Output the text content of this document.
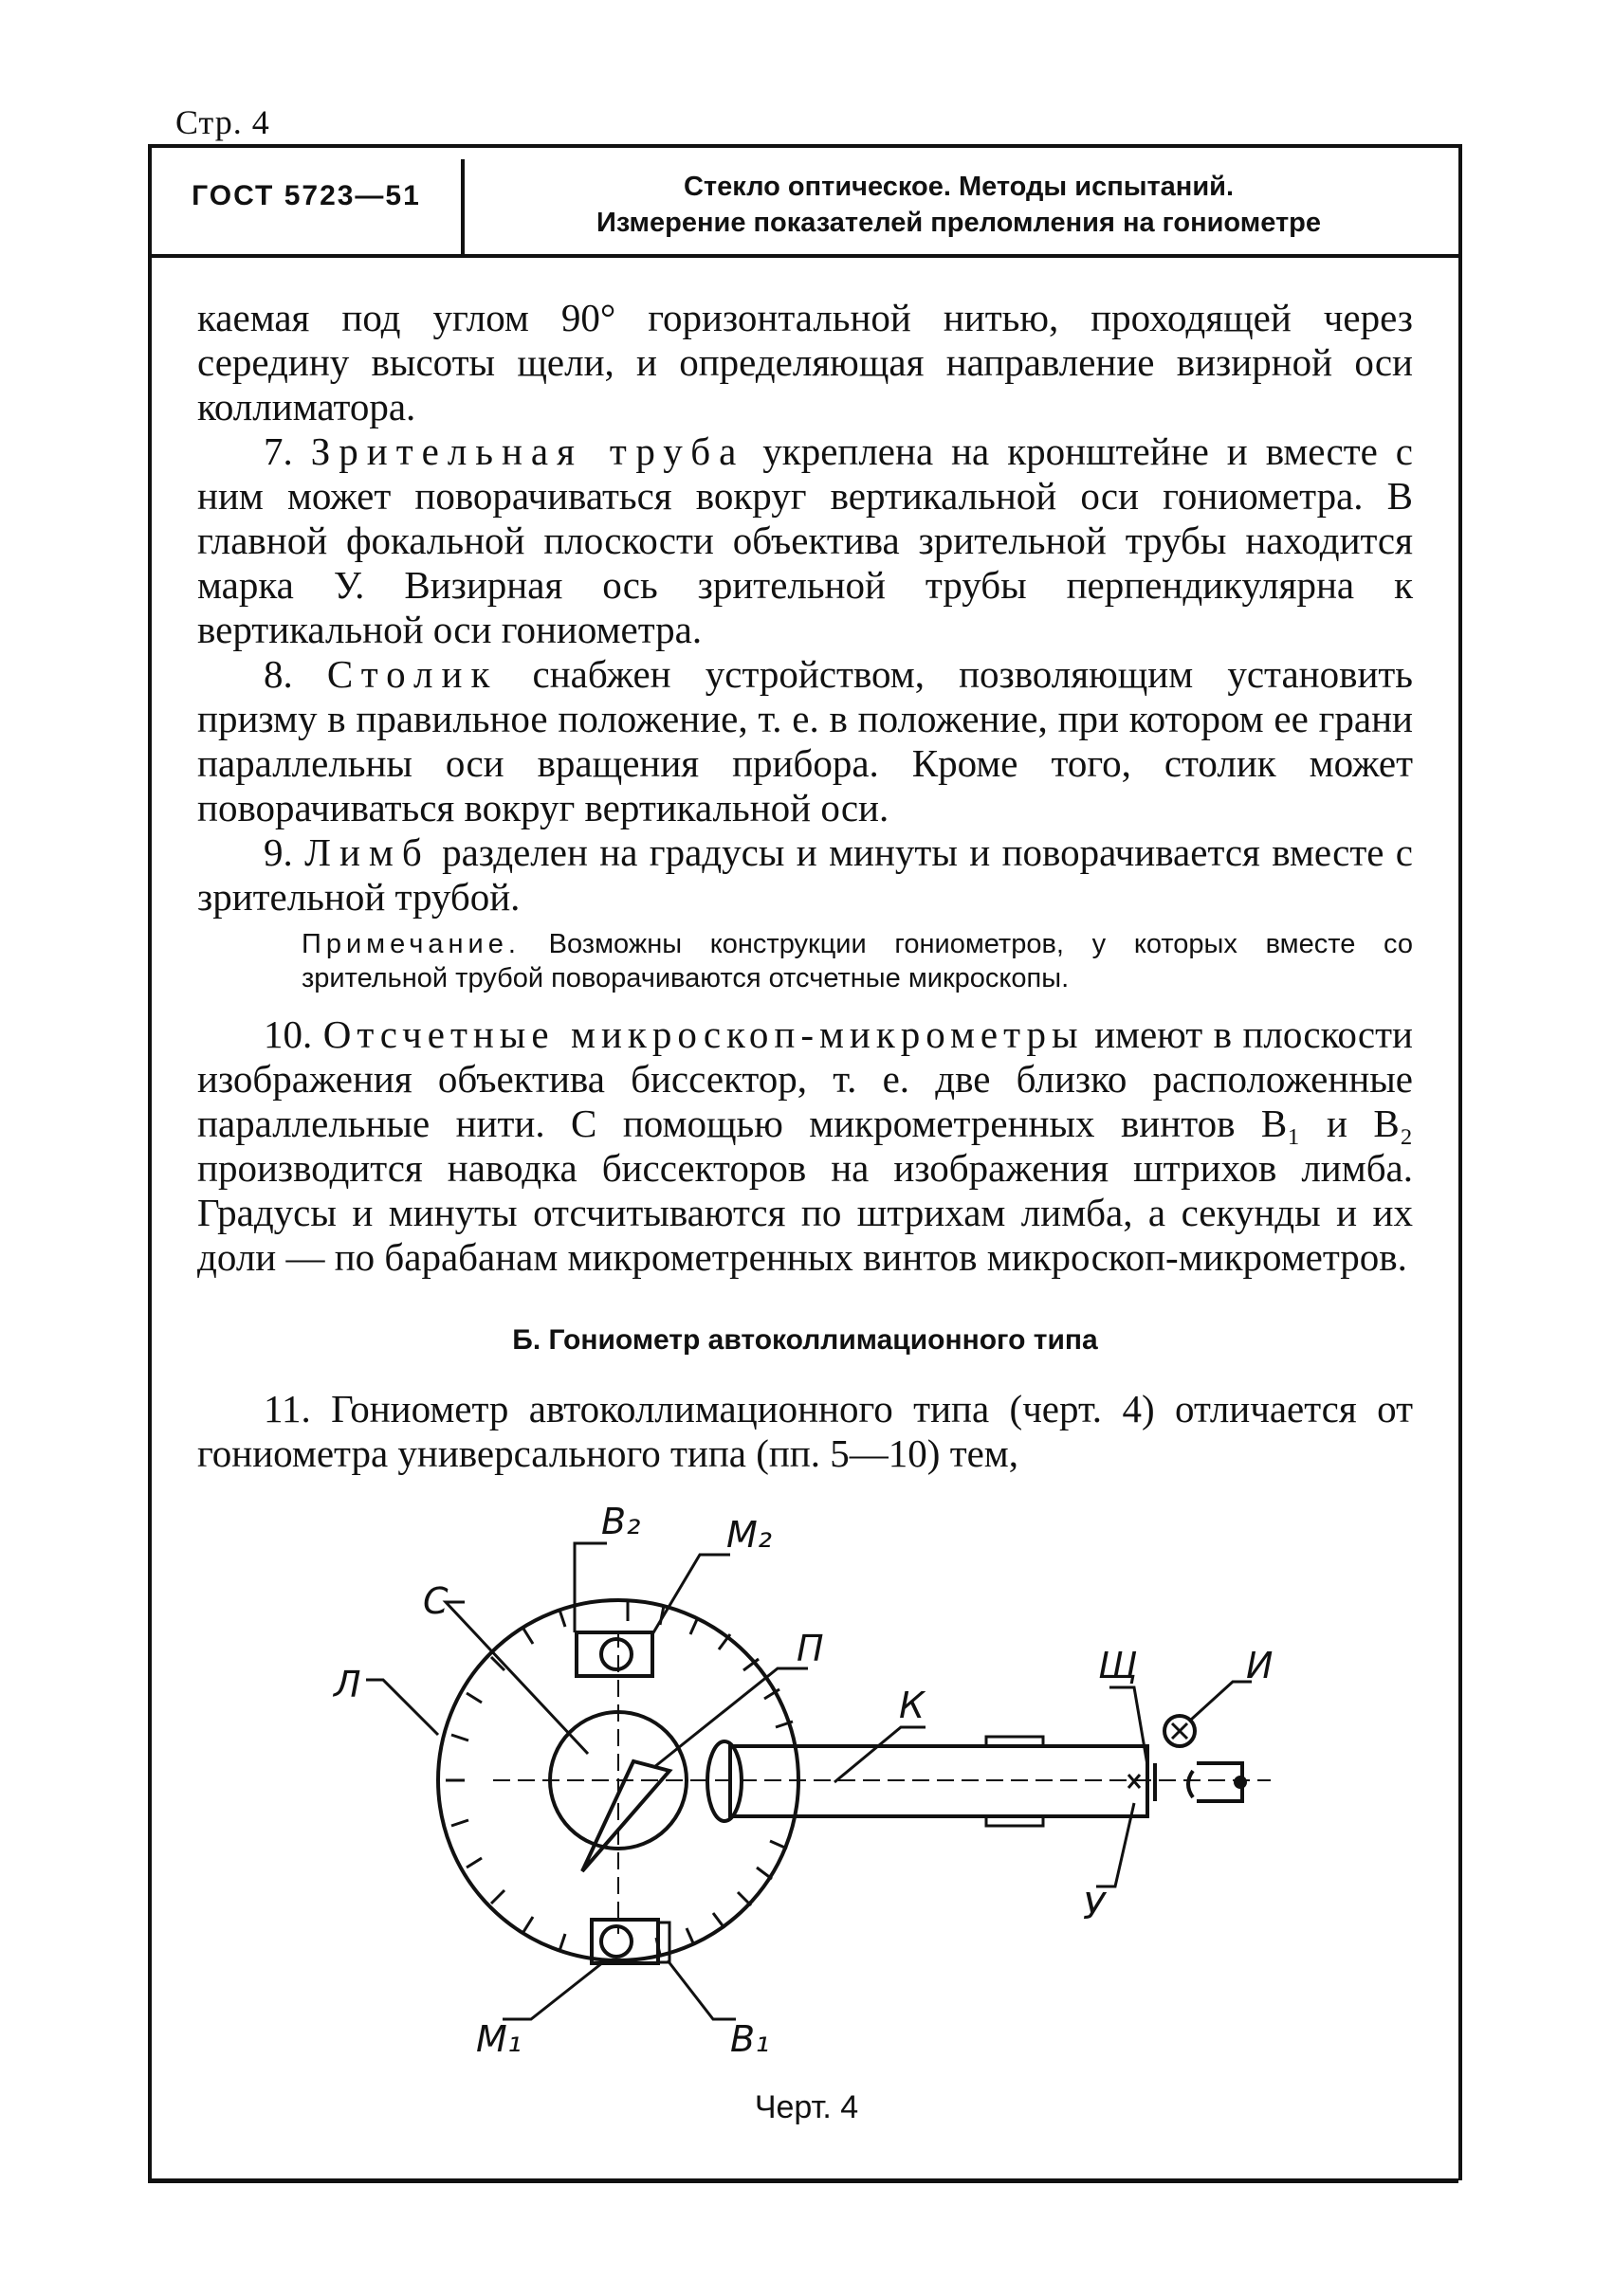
Стр. 4
ГОСТ 5723—51	Стекло оптическое. Методы испытаний.
Измерение показателей преломления на гониометре

каемая под углом 90° горизонтальной нитью, проходящей через середину высоты щели, и определяющая направление визирной оси коллиматора.

7. Зрительная труба укреплена на кронштейне и вместе с ним может поворачиваться вокруг вертикальной оси гониометра. В главной фокальной плоскости объектива зрительной трубы находится марка У. Визирная ось зрительной трубы перпендикулярна к вертикальной оси гониометра.

8. Столик снабжен устройством, позволяющим установить призму в правильное положение, т. е. в положение, при котором ее грани параллельны оси вращения прибора. Кроме того, столик может поворачиваться вокруг вертикальной оси.

9. Лимб разделен на градусы и минуты и поворачивается вместе с зрительной трубой.

Примечание. Возможны конструкции гониометров, у которых вместе со зрительной трубой поворачиваются отсчетные микроскопы.

10. Отсчетные микроскоп-микрометры имеют в плоскости изображения объектива биссектор, т. е. две близко расположенные параллельные нити. С помощью микрометренных винтов B₁ и B₂ производится наводка биссекторов на изображения штрихов лимба. Градусы и минуты отсчитываются по штрихам лимба, а секунды и их доли — по барабанам микрометренных винтов микроскоп-микрометров.

Б. Гониометр автоколлимационного типа

11. Гониометр автоколлимационного типа (черт. 4) отличается от гониометра универсального типа (пп. 5—10) тем,

B₂ M₂
C
Л
П
К
Щ	И
У
M₁	B₁
Черт. 4
